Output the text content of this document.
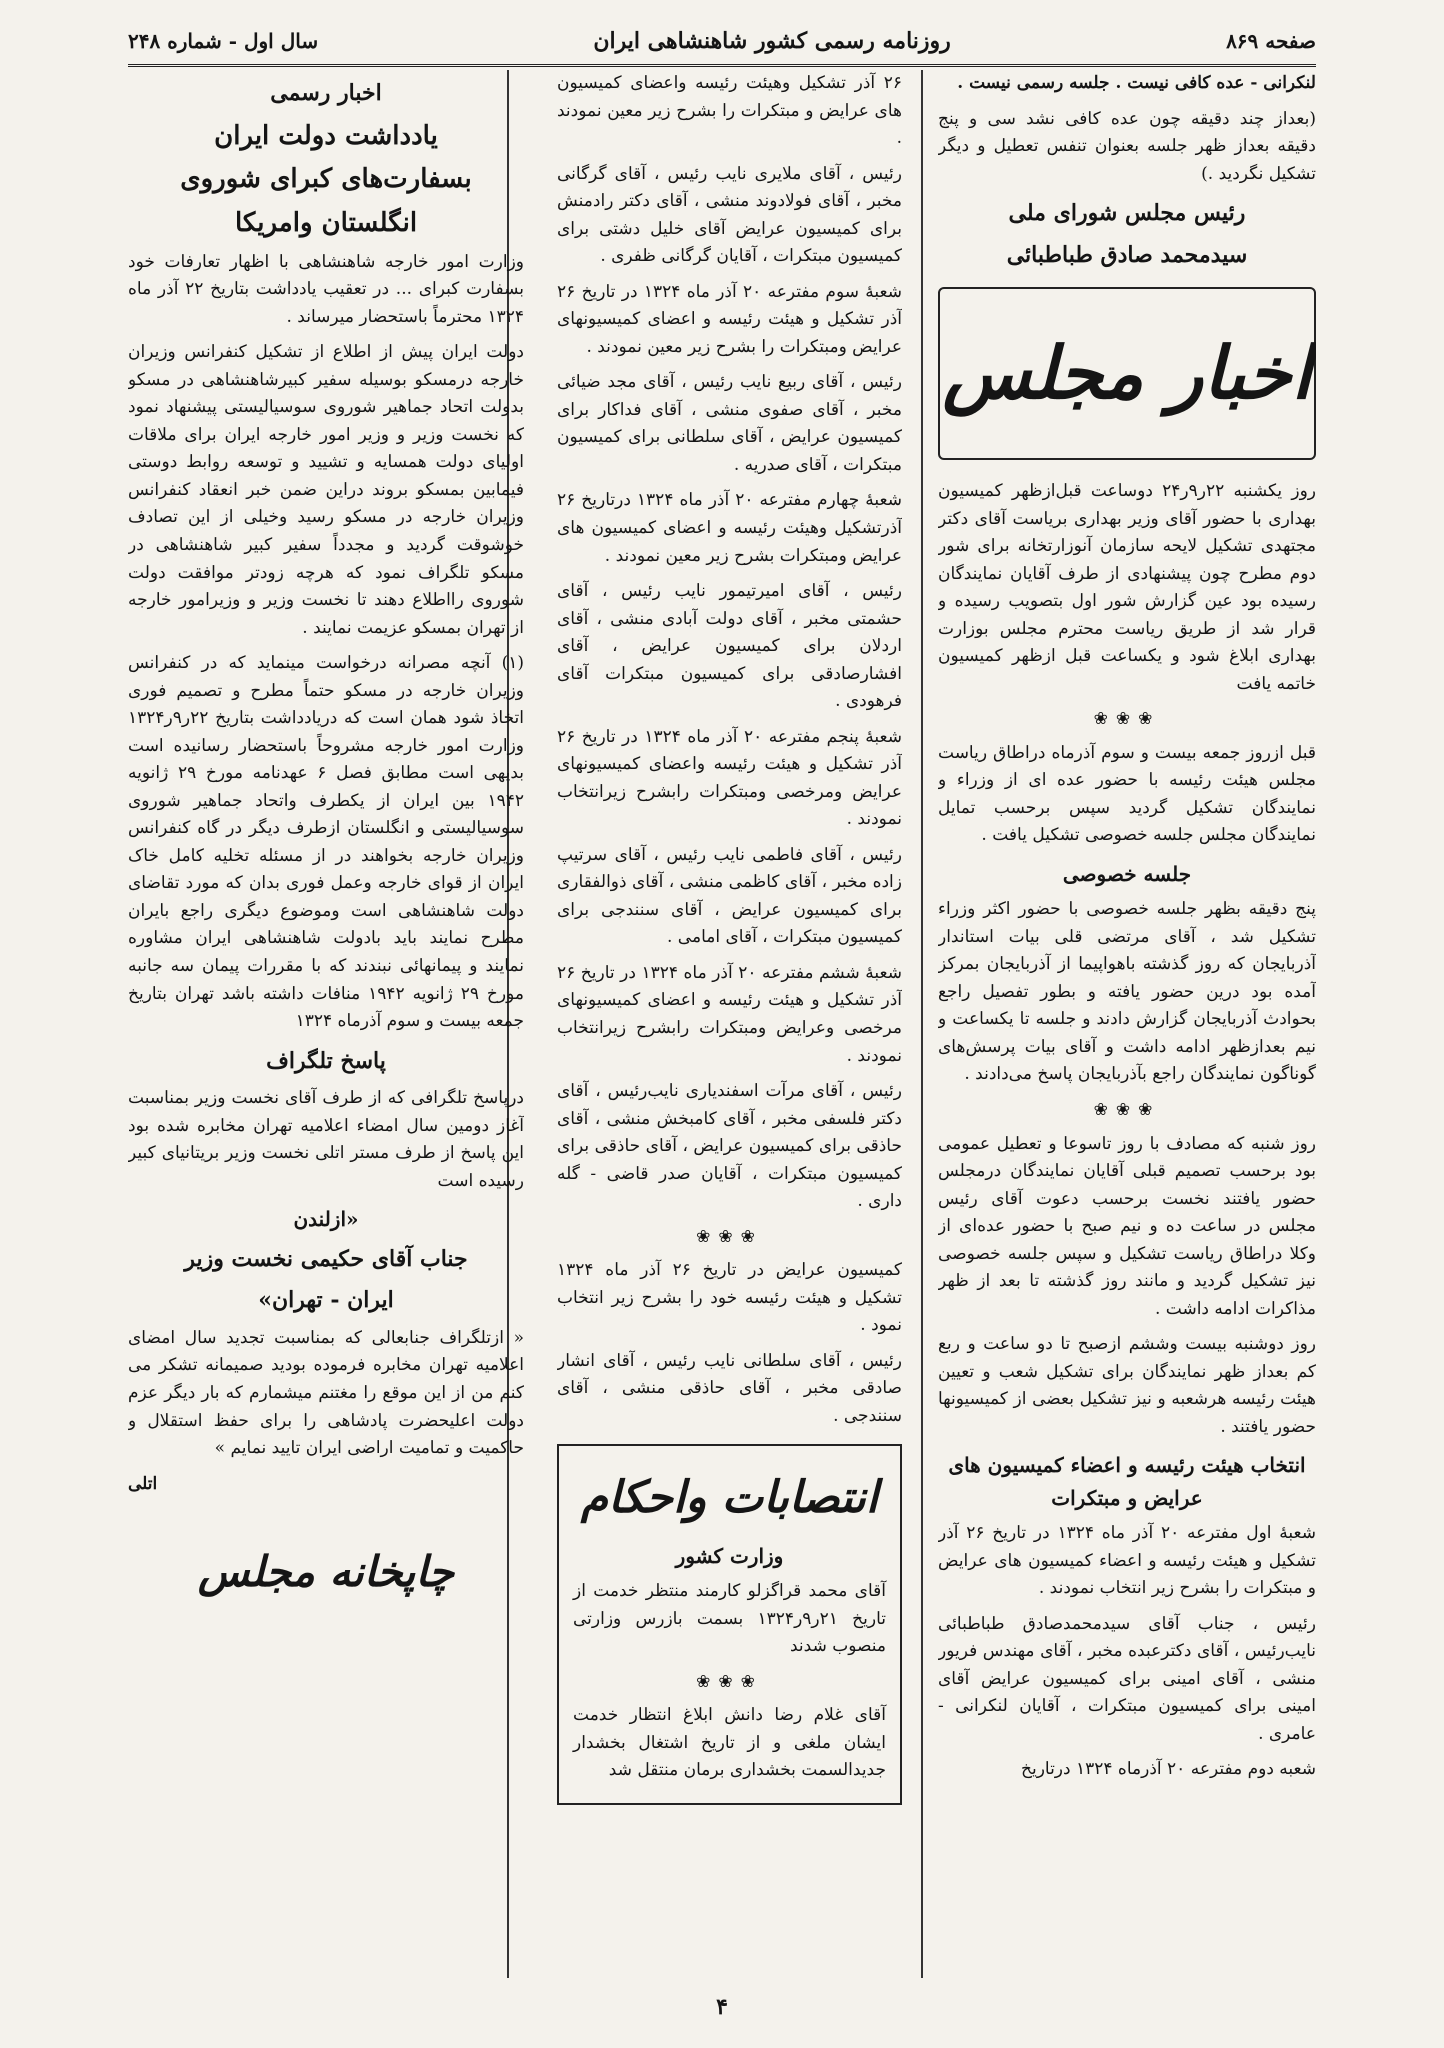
صفحه ۸۶۹
روزنامه رسمی کشور شاهنشاهی ایران
سال اول - شماره ۲۴۸

لنکرانی - عده کافی نیست . جلسه رسمی نیست .

(بعداز چند دقیقه چون عده کافی نشد سی و پنج دقیقه بعداز ظهر جلسه بعنوان تنفس تعطیل و دیگر تشکیل نگردید .)

رئیس مجلس شورای ملی
سیدمحمد صادق طباطبائی
اخبار مجلس

روز یکشنبه ۲۲ر۹ر۲۴ دوساعت قبل‌ازظهر کمیسیون بهداری با حضور آقای وزیر بهداری بریاست آقای دکتر مجتهدی تشکیل لایحه سازمان آنوزارتخانه برای شور دوم مطرح چون پیشنهادی از طرف آقایان نمایندگان رسیده بود عین گزارش شور اول بتصویب رسیده و قرار شد از طریق ریاست محترم مجلس بوزارت بهداری ابلاغ شود و یکساعت قبل ازظهر کمیسیون خاتمه یافت

❀❀❀

قبل ازروز جمعه بیست و سوم آذرماه دراطاق ریاست مجلس هیئت رئیسه با حضور عده ای از وزراء و نمایندگان تشکیل گردید سپس برحسب تمایل نمایندگان مجلس جلسه خصوصی تشکیل یافت .

جلسه خصوصی

پنج دقیقه بظهر جلسه خصوصی با حضور اکثر وزراء تشکیل شد ، آقای مرتضی قلی بیات استاندار آذربایجان که روز گذشته باهواپیما از آذربایجان بمرکز آمده بود درین حضور یافته و بطور تفصیل راجع بحوادث آذربایجان گزارش دادند و جلسه تا یکساعت و نیم بعدازظهر ادامه داشت و آقای بیات پرسش‌های گوناگون نمایندگان راجع بآذربایجان پاسخ می‌دادند .

❀❀❀

روز شنبه که مصادف با روز تاسوعا و تعطیل عمومی بود برحسب تصمیم قبلی آقایان نمایندگان درمجلس حضور یافتند نخست برحسب دعوت آقای رئیس مجلس در ساعت ده و نیم صبح با حضور عده‌ای از وکلا دراطاق ریاست تشکیل و سپس جلسه خصوصی نیز تشکیل گردید و مانند روز گذشته تا بعد از ظهر مذاکرات ادامه داشت .

روز دوشنبه بیست وششم ازصبح تا دو ساعت و ربع کم بعداز ظهر نمایندگان برای تشکیل شعب و تعیین هیئت رئیسه هرشعبه و نیز تشکیل بعضی از کمیسیونها حضور یافتند .

انتخاب هیئت رئیسه و اعضاء کمیسیون های عرایض و مبتکرات

شعبهٔ اول مفترعه ۲۰ آذر ماه ۱۳۲۴ در تاریخ ۲۶ آذر تشکیل و هیئت رئیسه و اعضاء کمیسیون های عرایض و مبتکرات را بشرح زیر انتخاب نمودند .

رئیس ، جناب آقای سیدمحمدصادق طباطبائی نایب‌رئیس ، آقای دکترعبده مخبر ، آقای مهندس فریور منشی ، آقای امینی برای کمیسیون عرایض آقای امینی برای کمیسیون مبتکرات ، آقایان لنکرانی - عامری .

شعبه دوم مفترعه ۲۰ آذرماه ۱۳۲۴ درتاریخ

۲۶ آذر تشکیل وهیئت رئیسه واعضای کمیسیون های عرایض و مبتکرات را بشرح زیر معین نمودند .

رئیس ، آقای ملایری نایب رئیس ، آقای گرگانی مخبر ، آقای فولادوند منشی ، آقای دکتر رادمنش برای کمیسیون عرایض آقای خلیل دشتی برای کمیسیون مبتکرات ، آقایان گرگانی ظفری .

شعبهٔ سوم مفترعه ۲۰ آذر ماه ۱۳۲۴ در تاریخ ۲۶ آذر تشکیل و هیئت رئیسه و اعضای کمیسیونهای عرایض ومبتکرات را بشرح زیر معین نمودند .

رئیس ، آقای ربیع نایب رئیس ، آقای مجد ضیائی مخبر ، آقای صفوی منشی ، آقای فداکار برای کمیسیون عرایض ، آقای سلطانی برای کمیسیون مبتکرات ، آقای صدریه .

شعبهٔ چهارم مفترعه ۲۰ آذر ماه ۱۳۲۴ درتاریخ ۲۶ آذرتشکیل وهیئت رئیسه و اعضای کمیسیون های عرایض ومبتکرات بشرح زیر معین نمودند .

رئیس ، آقای امیرتیمور نایب رئیس ، آقای حشمتی مخبر ، آقای دولت آبادی منشی ، آقای اردلان برای کمیسیون عرایض ، آقای افشارصادقی برای کمیسیون مبتکرات آقای فرهودی .

شعبهٔ پنجم مفترعه ۲۰ آذر ماه ۱۳۲۴ در تاریخ ۲۶ آذر تشکیل و هیئت رئیسه واعضای کمیسیونهای عرایض ومرخصی ومبتکرات رابشرح زیرانتخاب نمودند .

رئیس ، آقای فاطمی نایب رئیس ، آقای سرتیپ زاده مخبر ، آقای کاظمی منشی ، آقای ذوالفقاری برای کمیسیون عرایض ، آقای سنندجی برای کمیسیون مبتکرات ، آقای امامی .

شعبهٔ ششم مفترعه ۲۰ آذر ماه ۱۳۲۴ در تاریخ ۲۶ آذر تشکیل و هیئت رئیسه و اعضای کمیسیونهای مرخصی وعرایض ومبتکرات رابشرح زیرانتخاب نمودند .

رئیس ، آقای مرآت اسفندیاری نایب‌رئیس ، آقای دکتر فلسفی مخبر ، آقای کامبخش منشی ، آقای حاذقی برای کمیسیون عرایض ، آقای حاذقی برای کمیسیون مبتکرات ، آقایان صدر قاضی - گله داری .

❀❀❀

کمیسیون عرایض در تاریخ ۲۶ آذر ماه ۱۳۲۴ تشکیل و هیئت رئیسه خود را بشرح زیر انتخاب نمود .

رئیس ، آقای سلطانی نایب رئیس ، آقای انشار صادقی مخبر ، آقای حاذقی منشی ، آقای سنندجی .

انتصابات واحکام
وزارت کشور

آقای محمد قراگزلو کارمند منتظر خدمت از تاریخ ۲۱ر۹ر۱۳۲۴ بسمت بازرس وزارتی منصوب شدند

❀❀❀

آقای غلام رضا دانش ابلاغ انتظار خدمت ایشان ملغی و از تاریخ اشتغال بخشدار جدیدالسمت بخشداری برمان منتقل شد

اخبار رسمی
یادداشت دولت ایران
بسفارت‌های کبرای شوروی
انگلستان وامریکا

وزارت امور خارجه شاهنشاهی با اظهار تعارفات خود بسفارت کبرای ... در تعقیب یادداشت بتاریخ ۲۲ آذر ماه ۱۳۲۴ محترماً باستحضار میرساند .

دولت ایران پیش از اطلاع از تشکیل کنفرانس وزیران خارجه درمسکو بوسیله سفیر کبیرشاهنشاهی در مسکو بدولت اتحاد جماهیر شوروی سوسیالیستی پیشنهاد نمود که نخست وزیر و وزیر امور خارجه ایران برای ملاقات اولیای دولت همسایه و تشیید و توسعه روابط دوستی فیمابین بمسکو بروند دراین ضمن خبر انعقاد کنفرانس وزیران خارجه در مسکو رسید وخیلی از این تصادف خوشوقت گردید و مجدداً سفیر کبیر شاهنشاهی در مسکو تلگراف نمود که هرچه زودتر موافقت دولت شوروی رااطلاع دهند تا نخست وزیر و وزیرامور خارجه از تهران بمسکو عزیمت نمایند .

(۱) آنچه مصرانه درخواست مینماید که در کنفرانس وزیران خارجه در مسکو حتماً مطرح و تصمیم فوری اتخاذ شود همان است که دریادداشت بتاریخ ۲۲ر۹ر۱۳۲۴ وزارت امور خارجه مشروحاً باستحضار رسانیده است بدیهی است مطابق فصل ۶ عهدنامه مورخ ۲۹ ژانویه ۱۹۴۲ بین ایران از یکطرف واتحاد جماهیر شوروی سوسیالیستی و انگلستان ازطرف دیگر در گاه کنفرانس وزیران خارجه بخواهند در از مسئله تخلیه کامل خاک ایران از قوای خارجه وعمل فوری بدان که مورد تقاضای دولت شاهنشاهی است وموضوع دیگری راجع بایران مطرح نمایند باید بادولت شاهنشاهی ایران مشاوره نمایند و پیمانهائی نبندند که با مقررات پیمان سه جانبه مورخ ۲۹ ژانویه ۱۹۴۲ منافات داشته باشد تهران بتاریخ جمعه بیست و سوم آذرماه ۱۳۲۴

پاسخ تلگراف

درپاسخ تلگرافی که از طرف آقای نخست وزیر بمناسبت آغاز دومین سال امضاء اعلامیه تهران مخابره شده بود این پاسخ از طرف مستر اتلی نخست وزیر بریتانیای کبیر رسیده است

«ازلندن
جناب آقای حکیمی نخست وزیر
ایران - تهران»

« ازتلگراف جنابعالی که بمناسبت تجدید سال امضای اعلامیه تهران مخابره فرموده بودید صمیمانه تشکر می کنم من از این موقع را مغتنم میشمارم که بار دیگر عزم دولت اعلیحضرت پادشاهی را برای حفظ استقلال و حاکمیت و تمامیت اراضی ایران تایید نمایم »

اتلی

چاپخانه مجلس
۴
